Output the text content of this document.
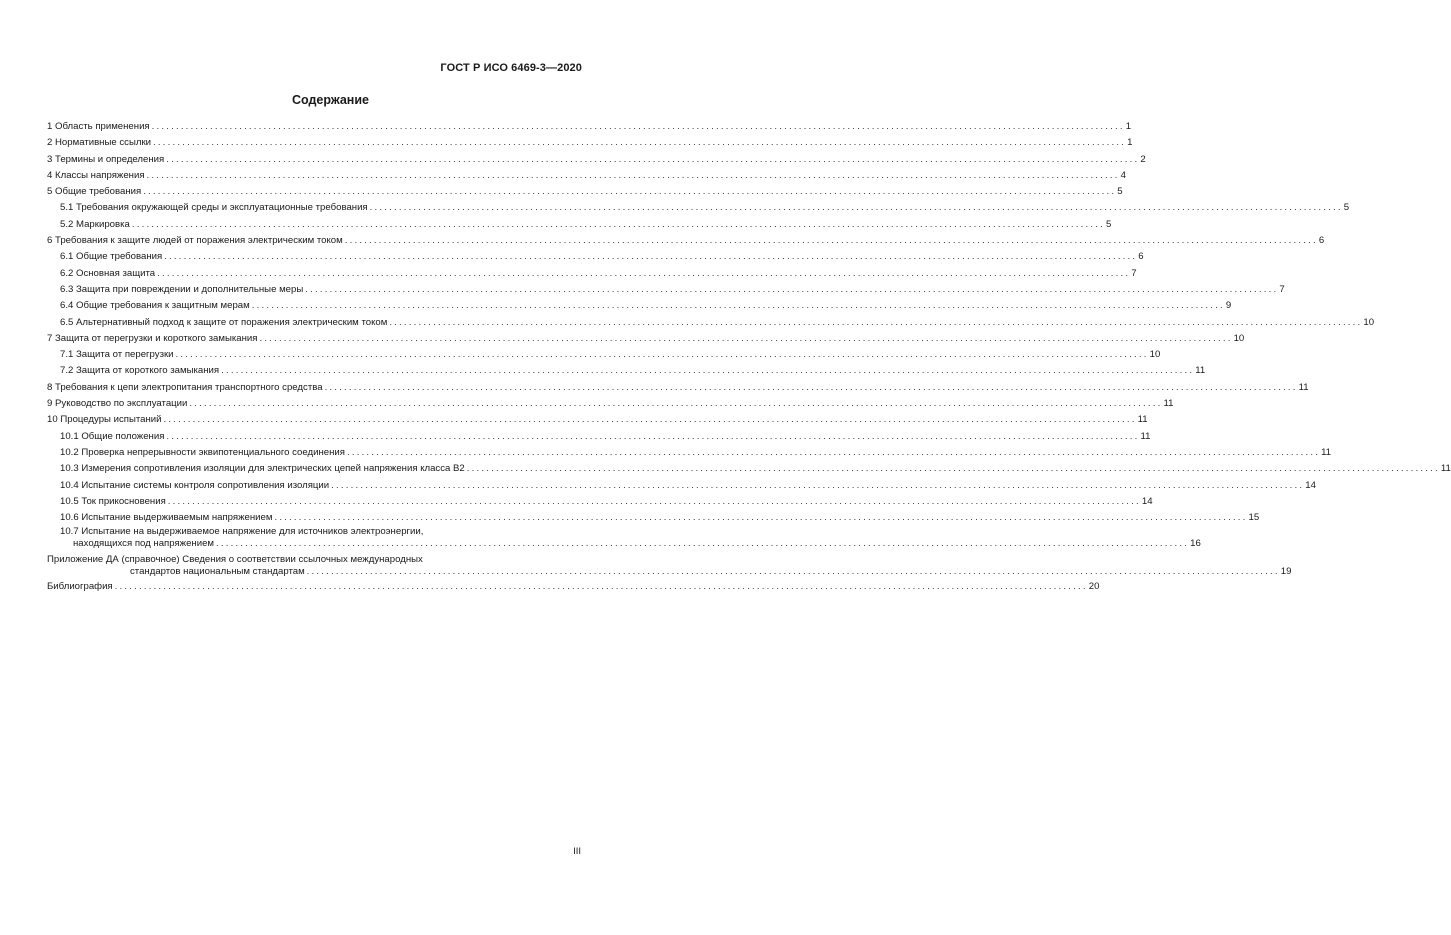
ГОСТ Р ИСО 6469-3—2020
Содержание
1 Область применения ........................................................................................................................................................................................................ 1
2 Нормативные ссылки ........................................................................................................................................................................................................ 1
3 Термины и определения ........................................................................................................................................................................................................ 2
4 Классы напряжения ........................................................................................................................................................................................................ 4
5 Общие требования ........................................................................................................................................................................................................ 5
5.1 Требования окружающей среды и эксплуатационные требования ........................................................................................................................................................................................................ 5
5.2 Маркировка ........................................................................................................................................................................................................ 5
6 Требования к защите людей от поражения электрическим током ........................................................................................................................................................................................................ 6
6.1 Общие требования ........................................................................................................................................................................................................ 6
6.2 Основная защита ........................................................................................................................................................................................................ 7
6.3 Защита при повреждении и дополнительные меры ........................................................................................................................................................................................................ 7
6.4 Общие требования к защитным мерам ........................................................................................................................................................................................................ 9
6.5 Альтернативный подход к защите от поражения электрическим током ........................................................................................................................................................................................................ 10
7 Защита от перегрузки и короткого замыкания ........................................................................................................................................................................................................ 10
7.1 Защита от перегрузки ........................................................................................................................................................................................................ 10
7.2 Защита от короткого замыкания ........................................................................................................................................................................................................ 11
8 Требования к цепи электропитания транспортного средства ........................................................................................................................................................................................................ 11
9 Руководство по эксплуатации ........................................................................................................................................................................................................ 11
10 Процедуры испытаний ........................................................................................................................................................................................................ 11
10.1 Общие положения ........................................................................................................................................................................................................ 11
10.2 Проверка непрерывности эквипотенциального соединения ........................................................................................................................................................................................................ 11
10.3 Измерения сопротивления изоляции для электрических цепей напряжения класса В2 ........................................................................................................................................................................................................ 11
10.4 Испытание системы контроля сопротивления изоляции ........................................................................................................................................................................................................ 14
10.5 Ток прикосновения ........................................................................................................................................................................................................ 14
10.6 Испытание выдерживаемым напряжением ........................................................................................................................................................................................................ 15
10.7 Испытание на выдерживаемое напряжение для источников электроэнергии,
находящихся под напряжением ........................................................................................................................................................................................................ 16
Приложение ДА (справочное) Сведения о соответствии ссылочных международных
стандартов национальным стандартам ........................................................................................................................................................................................................ 19
Библиография ........................................................................................................................................................................................................ 20
III
